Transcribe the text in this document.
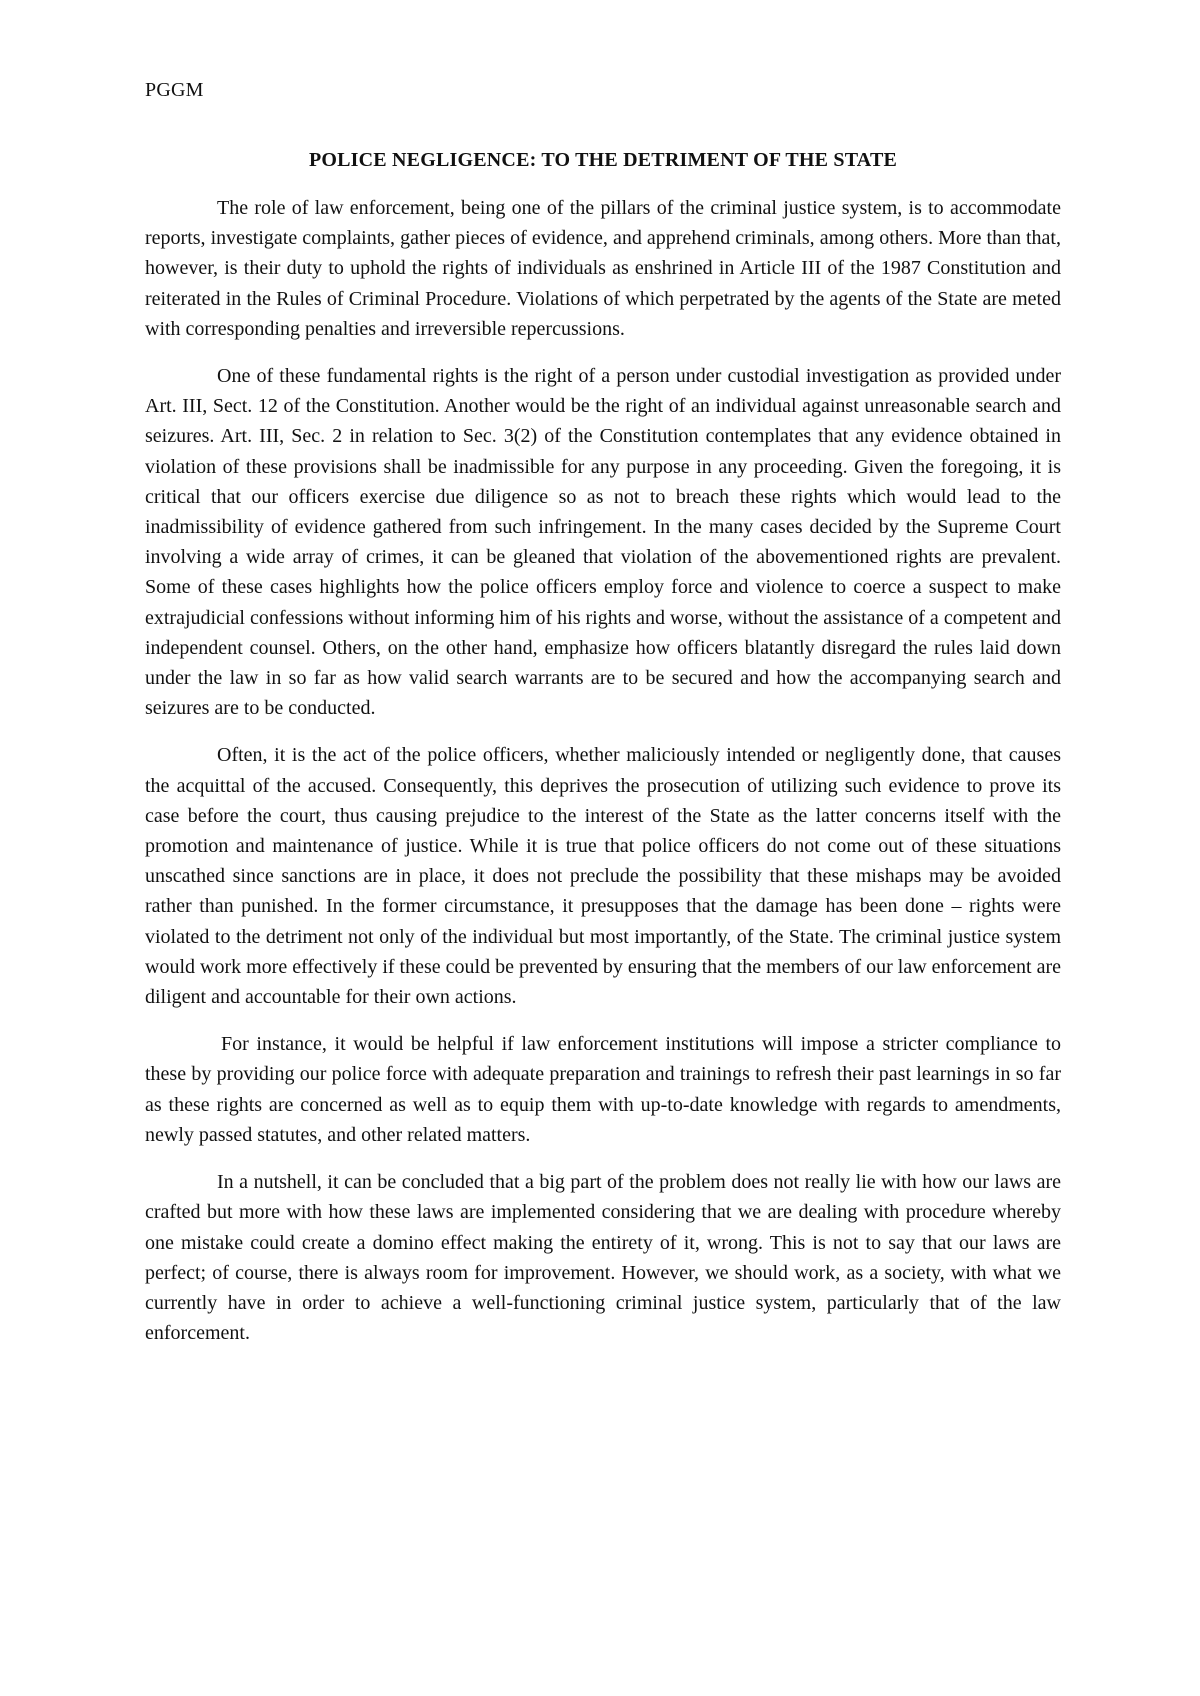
PGGM
POLICE NEGLIGENCE: TO THE DETRIMENT OF THE STATE

The role of law enforcement, being one of the pillars of the criminal justice system, is to accommodate reports, investigate complaints, gather pieces of evidence, and apprehend criminals, among others. More than that, however, is their duty to uphold the rights of individuals as enshrined in Article III of the 1987 Constitution and reiterated in the Rules of Criminal Procedure. Violations of which perpetrated by the agents of the State are meted with corresponding penalties and irreversible repercussions.

One of these fundamental rights is the right of a person under custodial investigation as provided under Art. III, Sect. 12 of the Constitution. Another would be the right of an individual against unreasonable search and seizures. Art. III, Sec. 2 in relation to Sec. 3(2) of the Constitution contemplates that any evidence obtained in violation of these provisions shall be inadmissible for any purpose in any proceeding. Given the foregoing, it is critical that our officers exercise due diligence so as not to breach these rights which would lead to the inadmissibility of evidence gathered from such infringement. In the many cases decided by the Supreme Court involving a wide array of crimes, it can be gleaned that violation of the abovementioned rights are prevalent. Some of these cases highlights how the police officers employ force and violence to coerce a suspect to make extrajudicial confessions without informing him of his rights and worse, without the assistance of a competent and independent counsel. Others, on the other hand, emphasize how officers blatantly disregard the rules laid down under the law in so far as how valid search warrants are to be secured and how the accompanying search and seizures are to be conducted.

Often, it is the act of the police officers, whether maliciously intended or negligently done, that causes the acquittal of the accused. Consequently, this deprives the prosecution of utilizing such evidence to prove its case before the court, thus causing prejudice to the interest of the State as the latter concerns itself with the promotion and maintenance of justice. While it is true that police officers do not come out of these situations unscathed since sanctions are in place, it does not preclude the possibility that these mishaps may be avoided rather than punished. In the former circumstance, it presupposes that the damage has been done – rights were violated to the detriment not only of the individual but most importantly, of the State. The criminal justice system would work more effectively if these could be prevented by ensuring that the members of our law enforcement are diligent and accountable for their own actions.

For instance, it would be helpful if law enforcement institutions will impose a stricter compliance to these by providing our police force with adequate preparation and trainings to refresh their past learnings in so far as these rights are concerned as well as to equip them with up-to-date knowledge with regards to amendments, newly passed statutes, and other related matters.

In a nutshell, it can be concluded that a big part of the problem does not really lie with how our laws are crafted but more with how these laws are implemented considering that we are dealing with procedure whereby one mistake could create a domino effect making the entirety of it, wrong. This is not to say that our laws are perfect; of course, there is always room for improvement. However, we should work, as a society, with what we currently have in order to achieve a well-functioning criminal justice system, particularly that of the law enforcement.
